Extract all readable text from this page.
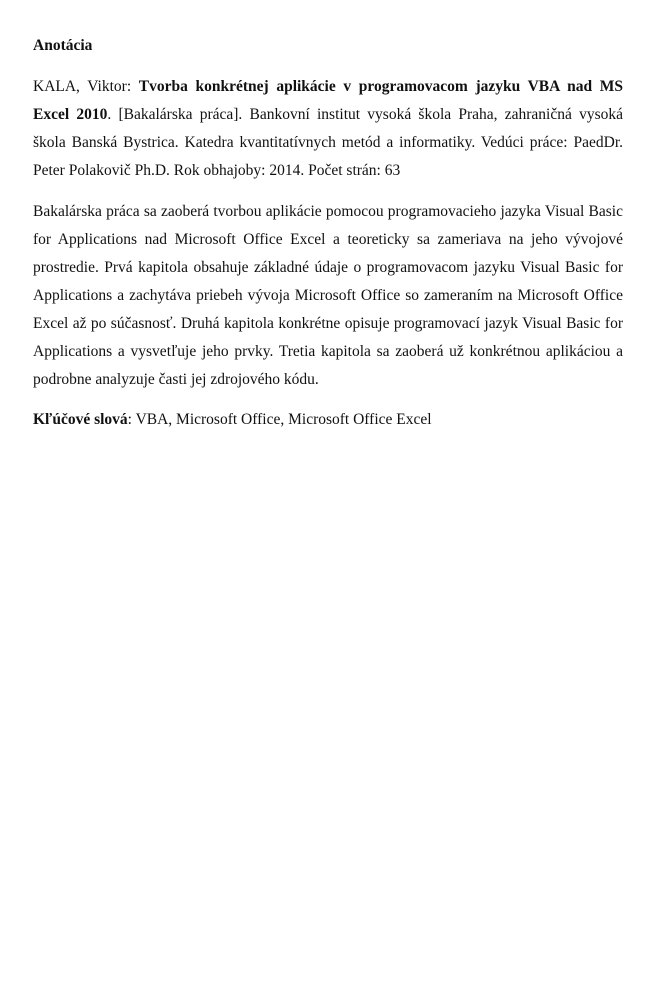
Anotácia

KALA, Viktor: Tvorba konkrétnej aplikácie v programovacom jazyku VBA nad MS Excel 2010. [Bakalárska práca]. Bankovní institut vysoká škola Praha, zahraničná vysoká škola Banská Bystrica. Katedra kvantitatívnych metód a informatiky. Vedúci práce: PaedDr. Peter Polakovič Ph.D. Rok obhajoby: 2014. Počet strán: 63

Bakalárska práca sa zaoberá tvorbou aplikácie pomocou programovacieho jazyka Visual Basic for Applications nad Microsoft Office Excel a teoreticky sa zameriava na jeho vývojové prostredie. Prvá kapitola obsahuje základné údaje o programovacom jazyku Visual Basic for Applications a zachytáva priebeh vývoja Microsoft Office so zameraním na Microsoft Office Excel až po súčasnosť. Druhá kapitola konkrétne opisuje programovací jazyk Visual Basic for Applications a vysvetľuje jeho prvky. Tretia kapitola sa zaoberá už konkrétnou aplikáciou a podrobne analyzuje časti jej zdrojového kódu.

Kľúčové slová: VBA, Microsoft Office, Microsoft Office Excel
